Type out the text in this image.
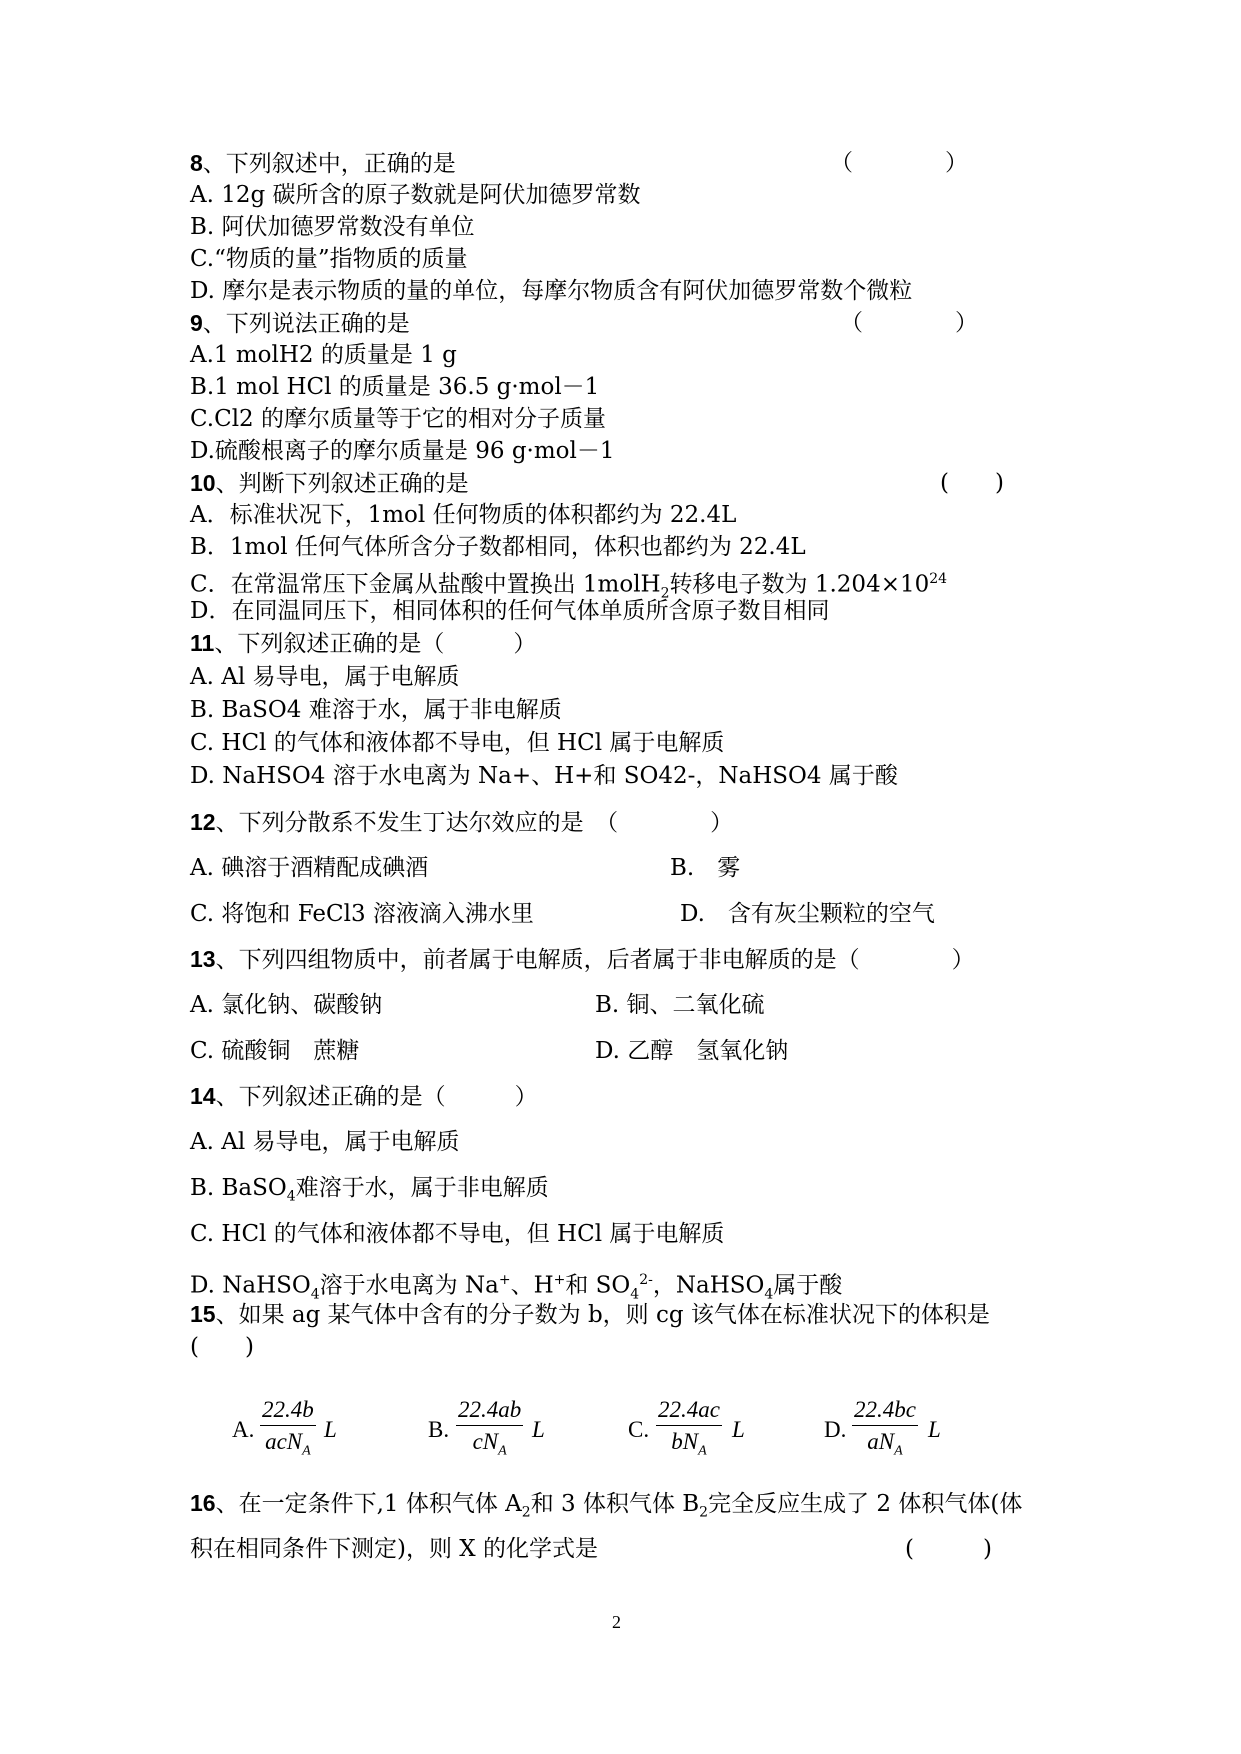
8、下列叙述中，正确的是	（　　　　）
A. 12g 碳所含的原子数就是阿伏加德罗常数
B. 阿伏加德罗常数没有单位
C.“物质的量”指物质的质量
D. 摩尔是表示物质的量的单位，每摩尔物质含有阿伏加德罗常数个微粒
9、下列说法正确的是	（　　　　）
A.1 molH2 的质量是 1 g
B.1 mol HCl 的质量是 36.5 g·mol－1
C.Cl2 的摩尔质量等于它的相对分子质量
D.硫酸根离子的摩尔质量是 96 g·mol－1
10、判断下列叙述正确的是	(　　)
A．标准状况下，1mol 任何物质的体积都约为 22.4L
B．1mol 任何气体所含分子数都相同，体积也都约为 22.4L
C．在常温常压下金属从盐酸中置换出 1molH$_2$转移电子数为 $1.204\times 10^{24}$
D．在同温同压下，相同体积的任何气体单质所含原子数目相同
11、下列叙述正确的是（　　　）
A. Al 易导电，属于电解质
B. BaSO4 难溶于水，属于非电解质
C. HCl 的气体和液体都不导电，但 HCl 属于电解质
D. NaHSO4 溶于水电离为 Na+、H+和 SO42-，NaHSO4 属于酸
12、下列分散系不发生丁达尔效应的是　（　　　　）
A. 碘溶于酒精配成碘酒	B.　雾
C. 将饱和 FeCl3 溶液滴入沸水里	D.　含有灰尘颗粒的空气
13、下列四组物质中，前者属于电解质，后者属于非电解质的是（　　　　）
A. 氯化钠、碳酸钠	B. 铜、二氧化硫
C. 硫酸铜　蔗糖	D. 乙醇　氢氧化钠
14、下列叙述正确的是（　　　）
A. Al 易导电，属于电解质
B. BaSO$_4$难溶于水，属于非电解质
C. HCl 的气体和液体都不导电，但 HCl 属于电解质
D. NaHSO$_4$溶于水电离为 Na+、H+和 $SO_4^{2-}$，NaHSO$_4$属于酸
15、如果 ag 某气体中含有的分子数为 b，则 cg 该气体在标准状况下的体积是
(　　)
A.
22.4b
acN$_A$
L	B.
22.4ab
$cN_A$
L	C.
22.4ac
$bN_A$
L	D.
22.4bc
$aN_A$
L
16、在一定条件下,1 体积气体 $A_2$和 3 体积气体 $B_2$完全反应生成了 2 体积气体(体
积在相同条件下测定)，则 X 的化学式是	(　　　)
2
